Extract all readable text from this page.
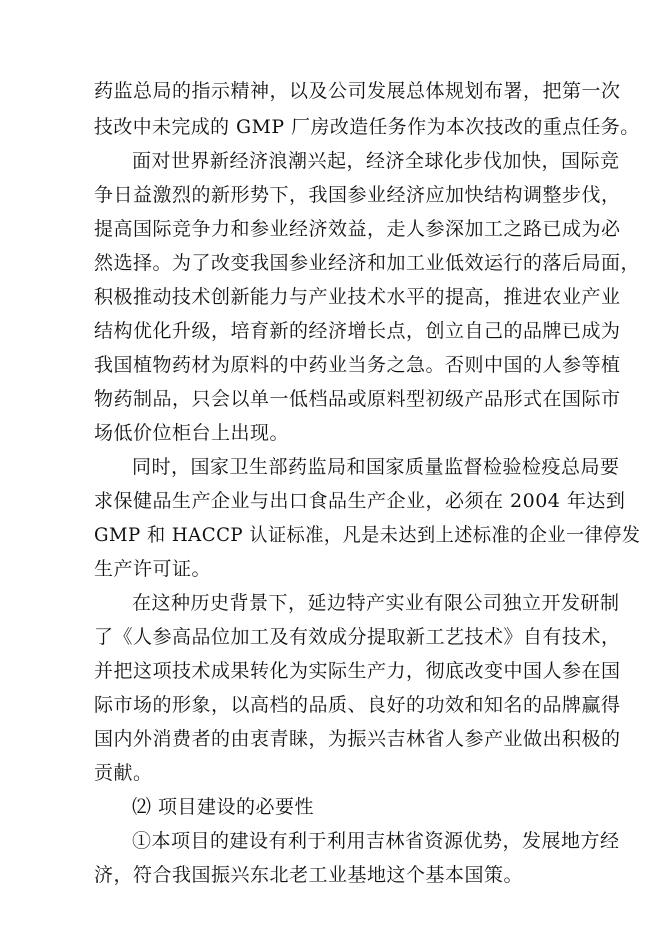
药监总局的指示精神，以及公司发展总体规划布署，把第一次
技改中未完成的 GMP 厂房改造任务作为本次技改的重点任务。
面对世界新经济浪潮兴起，经济全球化步伐加快，国际竞
争日益激烈的新形势下，我国参业经济应加快结构调整步伐，
提高国际竞争力和参业经济效益，走人参深加工之路已成为必
然选择。为了改变我国参业经济和加工业低效运行的落后局面，
积极推动技术创新能力与产业技术水平的提高，推进农业产业
结构优化升级，培育新的经济增长点，创立自己的品牌已成为
我国植物药材为原料的中药业当务之急。否则中国的人参等植
物药制品，只会以单一低档品或原料型初级产品形式在国际市
场低价位柜台上出现。
同时，国家卫生部药监局和国家质量监督检验检疫总局要
求保健品生产企业与出口食品生产企业，必须在 2004 年达到
GMP 和 HACCP 认证标准，凡是未达到上述标准的企业一律停发
生产许可证。
在这种历史背景下，延边特产实业有限公司独立开发研制
了《人参高品位加工及有效成分提取新工艺技术》自有技术，
并把这项技术成果转化为实际生产力，彻底改变中国人参在国
际市场的形象，以高档的品质、良好的功效和知名的品牌赢得
国内外消费者的由衷青睐，为振兴吉林省人参产业做出积极的
贡献。
⑵ 项目建设的必要性
①本项目的建设有利于利用吉林省资源优势，发展地方经
济，符合我国振兴东北老工业基地这个基本国策。
